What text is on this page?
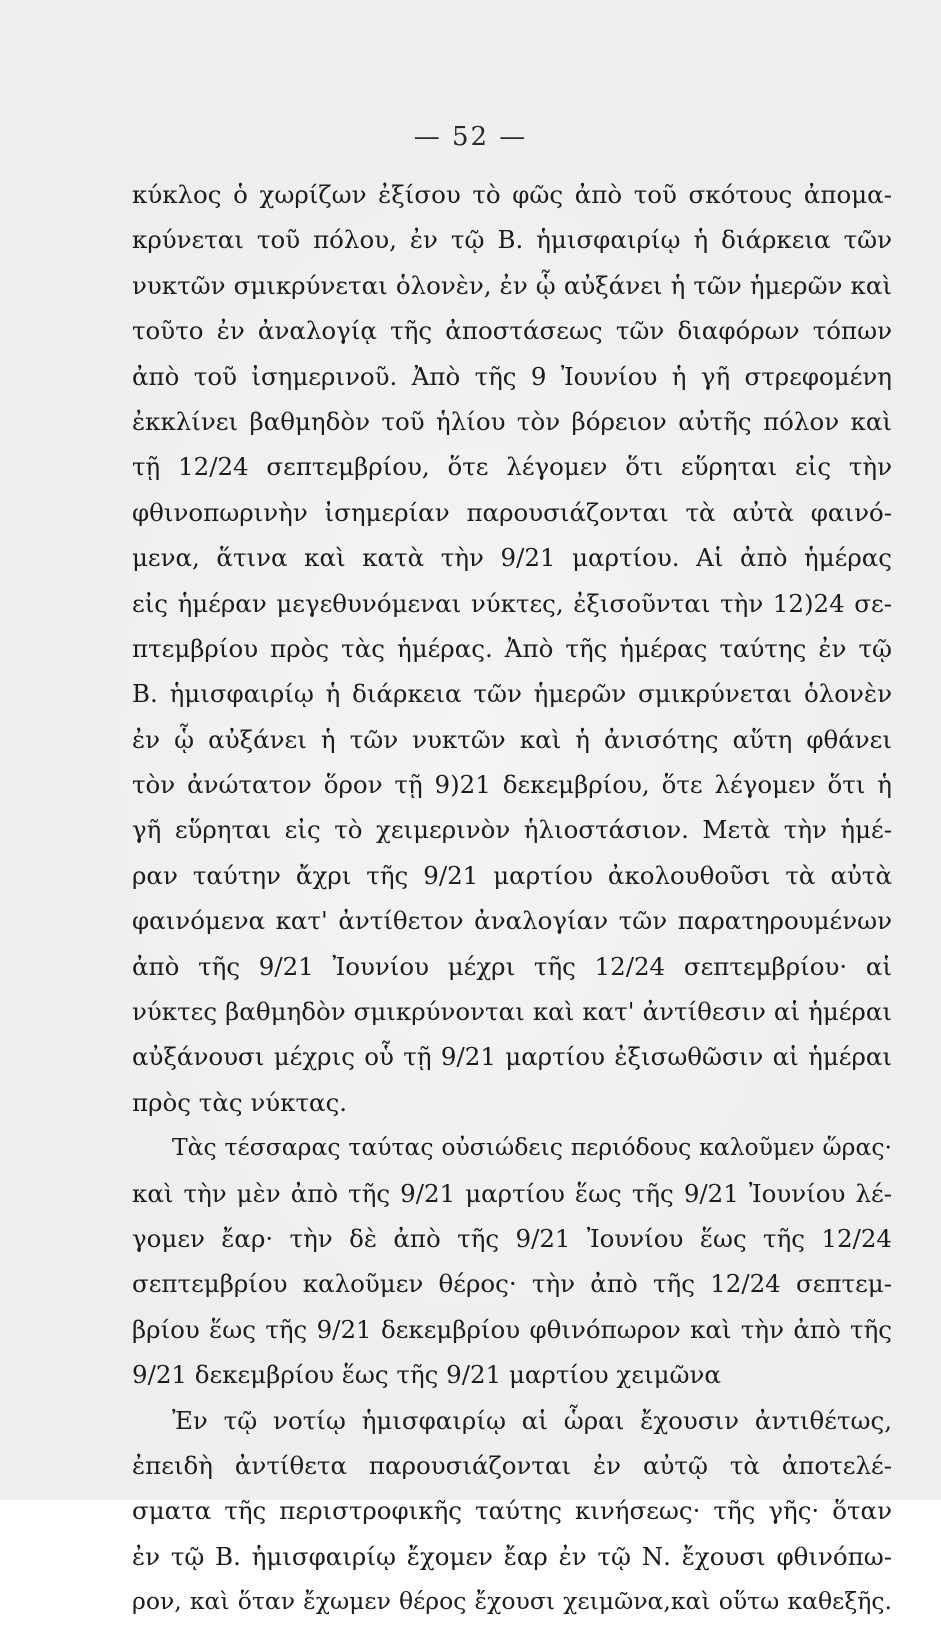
— 52 —
κύκλος ὁ χωρίζων ἐξίσου τὸ φῶς ἀπὸ τοῦ σκότους ἀπομα-
κρύνεται τοῦ πόλου, ἐν τῷ Β. ἡμισφαιρίῳ ἡ διάρκεια τῶν
νυκτῶν σμικρύνεται ὁλονὲν, ἐν ᾧ αὐξάνει ἡ τῶν ἡμερῶν καὶ
τοῦτο ἐν ἀναλογίᾳ τῆς ἀποστάσεως τῶν διαφόρων τόπων
ἀπὸ τοῦ ἰσημερινοῦ. Ἀπὸ τῆς 9 Ἰουνίου ἡ γῆ στρεφομένη
ἐκκλίνει βαθμηδὸν τοῦ ἡλίου τὸν βόρειον αὐτῆς πόλον καὶ
τῇ 12/24 σεπτεμβρίου, ὅτε λέγομεν ὅτι εὕρηται εἰς τὴν
φθινοπωρινὴν ἰσημερίαν παρουσιάζονται τὰ αὐτὰ φαινό-
μενα, ἅτινα καὶ κατὰ τὴν 9/21 μαρτίου. Αἱ ἀπὸ ἡμέρας
εἰς ἡμέραν μεγεθυνόμεναι νύκτες, ἐξισοῦνται τὴν 12)24 σε-
πτεμβρίου πρὸς τὰς ἡμέρας. Ἀπὸ τῆς ἡμέρας ταύτης ἐν τῷ
Β. ἡμισφαιρίῳ ἡ διάρκεια τῶν ἡμερῶν σμικρύνεται ὁλονὲν
ἐν ᾧ αὐξάνει ἡ τῶν νυκτῶν καὶ ἡ ἀνισότης αὕτη φθάνει
τὸν ἀνώτατον ὅρον τῇ 9)21 δεκεμβρίου, ὅτε λέγομεν ὅτι ἡ
γῆ εὕρηται εἰς τὸ χειμερινὸν ἡλιοστάσιον. Μετὰ τὴν ἡμέ-
ραν ταύτην ἄχρι τῆς 9/21 μαρτίου ἀκολουθοῦσι τὰ αὐτὰ
φαινόμενα κατ' ἀντίθετον ἀναλογίαν τῶν παρατηρουμένων
ἀπὸ τῆς 9/21 Ἰουνίου μέχρι τῆς 12/24 σεπτεμβρίου· αἱ
νύκτες βαθμηδὸν σμικρύνονται καὶ κατ' ἀντίθεσιν αἱ ἡμέραι
αὐξάνουσι μέχρις οὗ τῇ 9/21 μαρτίου ἐξισωθῶσιν αἱ ἡμέραι
πρὸς τὰς νύκτας.
Τὰς τέσσαρας ταύτας οὐσιώδεις περιόδους καλοῦμεν ὥρας·
καὶ τὴν μὲν ἀπὸ τῆς 9/21 μαρτίου ἕως τῆς 9/21 Ἰουνίου λέ-
γομεν ἔαρ· τὴν δὲ ἀπὸ τῆς 9/21 Ἰουνίου ἕως τῆς 12/24
σεπτεμβρίου καλοῦμεν θέρος· τὴν ἀπὸ τῆς 12/24 σεπτεμ-
βρίου ἕως τῆς 9/21 δεκεμβρίου φθινόπωρον καὶ τὴν ἀπὸ τῆς
9/21 δεκεμβρίου ἕως τῆς 9/21 μαρτίου χειμῶνα
Ἐν τῷ νοτίῳ ἡμισφαιρίῳ αἱ ὧραι ἔχουσιν ἀντιθέτως,
ἐπειδὴ ἀντίθετα παρουσιάζονται ἐν αὐτῷ τὰ ἀποτελέ-
σματα τῆς περιστροφικῆς ταύτης κινήσεως· τῆς γῆς· ὅταν
ἐν τῷ Β. ἡμισφαιρίῳ ἔχομεν ἔαρ ἐν τῷ Ν. ἔχουσι φθινόπω-
ρον, καὶ ὅταν ἔχωμεν θέρος ἔχουσι χειμῶνα,καὶ οὕτω καθεξῆς.
